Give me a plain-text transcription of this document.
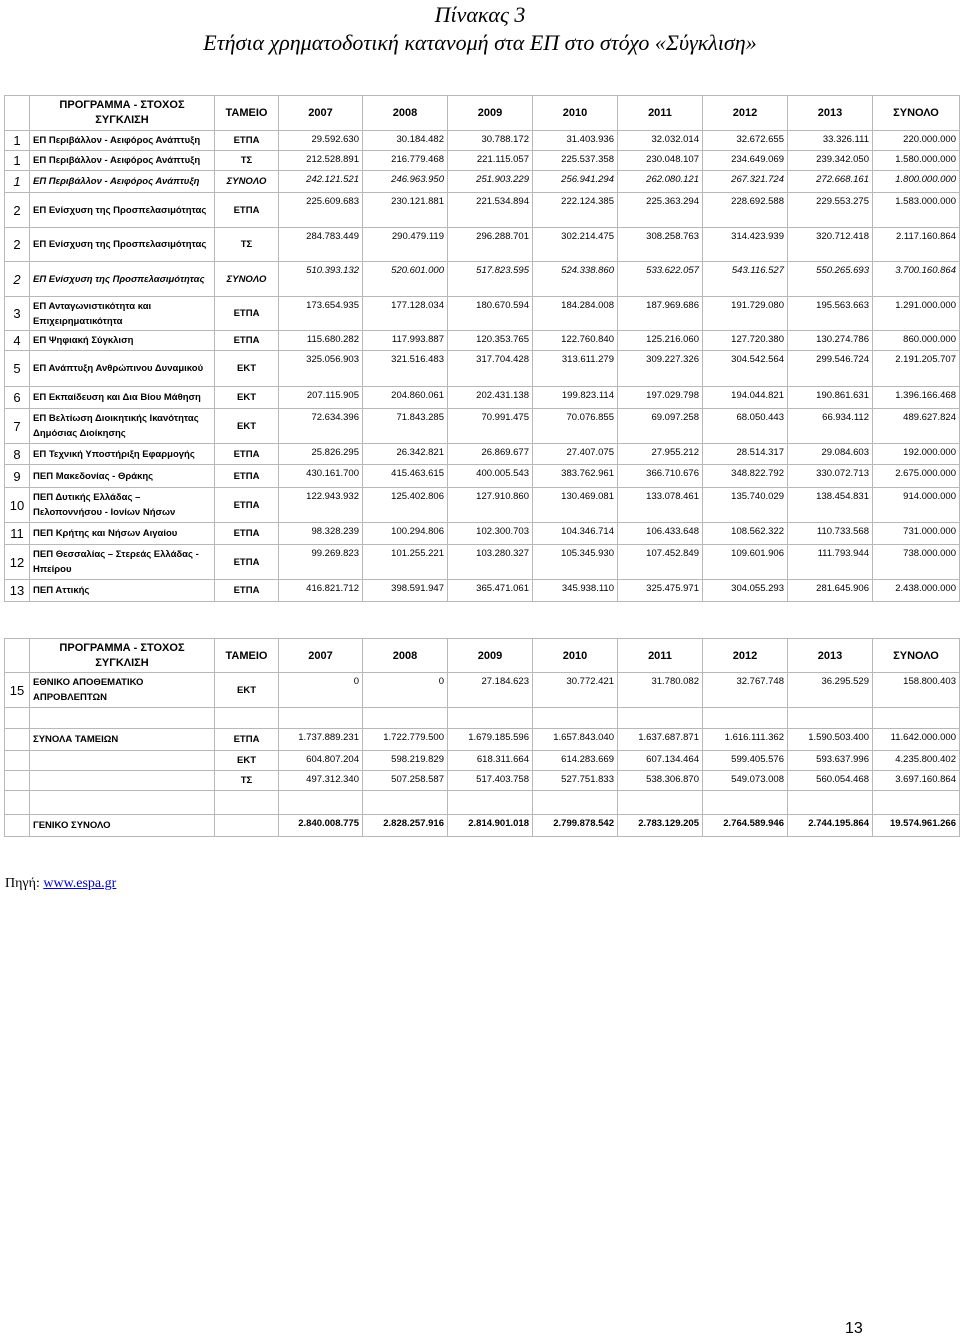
Πίνακας 3
Ετήσια χρηματοδοτική κατανομή στα ΕΠ στο στόχο «Σύγκλιση»
	ΠΡΟΓΡΑΜΜΑ - ΣΤΟΧΟΣ ΣΥΓΚΛΙΣΗ	ΤΑΜΕΙΟ	2007	2008	2009	2010	2011	2012	2013	ΣΥΝΟΛΟ
1	ΕΠ Περιβάλλον - Αειφόρος Ανάπτυξη	ΕΤΠΑ	29.592.630	30.184.482	30.788.172	31.403.936	32.032.014	32.672.655	33.326.111	220.000.000
1	ΕΠ Περιβάλλον - Αειφόρος Ανάπτυξη	ΤΣ	212.528.891	216.779.468	221.115.057	225.537.358	230.048.107	234.649.069	239.342.050	1.580.000.000
1	ΕΠ Περιβάλλον - Αειφόρος Ανάπτυξη	ΣΥΝΟΛΟ	242.121.521	246.963.950	251.903.229	256.941.294	262.080.121	267.321.724	272.668.161	1.800.000.000
2	ΕΠ Ενίσχυση της Προσπελασιμότητας	ΕΤΠΑ	225.609.683	230.121.881	221.534.894	222.124.385	225.363.294	228.692.588	229.553.275	1.583.000.000
2	ΕΠ Ενίσχυση της Προσπελασιμότητας	ΤΣ	284.783.449	290.479.119	296.288.701	302.214.475	308.258.763	314.423.939	320.712.418	2.117.160.864
2	ΕΠ Ενίσχυση της Προσπελασιμότητας	ΣΥΝΟΛΟ	510.393.132	520.601.000	517.823.595	524.338.860	533.622.057	543.116.527	550.265.693	3.700.160.864
3	ΕΠ Ανταγωνιστικότητα και Επιχειρηματικότητα	ΕΤΠΑ	173.654.935	177.128.034	180.670.594	184.284.008	187.969.686	191.729.080	195.563.663	1.291.000.000
4	ΕΠ Ψηφιακή Σύγκλιση	ΕΤΠΑ	115.680.282	117.993.887	120.353.765	122.760.840	125.216.060	127.720.380	130.274.786	860.000.000
5	ΕΠ Ανάπτυξη Ανθρώπινου Δυναμικού	ΕΚΤ	325.056.903	321.516.483	317.704.428	313.611.279	309.227.326	304.542.564	299.546.724	2.191.205.707
6	ΕΠ Εκπαίδευση και Δια Βίου Μάθηση	ΕΚΤ	207.115.905	204.860.061	202.431.138	199.823.114	197.029.798	194.044.821	190.861.631	1.396.166.468
7	ΕΠ Βελτίωση Διοικητικής Ικανότητας Δημόσιας Διοίκησης	ΕΚΤ	72.634.396	71.843.285	70.991.475	70.076.855	69.097.258	68.050.443	66.934.112	489.627.824
8	ΕΠ Τεχνική Υποστήριξη Εφαρμογής	ΕΤΠΑ	25.826.295	26.342.821	26.869.677	27.407.075	27.955.212	28.514.317	29.084.603	192.000.000
9	ΠΕΠ Μακεδονίας - Θράκης	ΕΤΠΑ	430.161.700	415.463.615	400.005.543	383.762.961	366.710.676	348.822.792	330.072.713	2.675.000.000
10	ΠΕΠ Δυτικής Ελλάδας – Πελοποννήσου - Ιονίων Νήσων	ΕΤΠΑ	122.943.932	125.402.806	127.910.860	130.469.081	133.078.461	135.740.029	138.454.831	914.000.000
11	ΠΕΠ Κρήτης και Νήσων Αιγαίου	ΕΤΠΑ	98.328.239	100.294.806	102.300.703	104.346.714	106.433.648	108.562.322	110.733.568	731.000.000
12	ΠΕΠ Θεσσαλίας – Στερεάς Ελλάδας - Ηπείρου	ΕΤΠΑ	99.269.823	101.255.221	103.280.327	105.345.930	107.452.849	109.601.906	111.793.944	738.000.000
13	ΠΕΠ Αττικής	ΕΤΠΑ	416.821.712	398.591.947	365.471.061	345.938.110	325.475.971	304.055.293	281.645.906	2.438.000.000
	ΠΡΟΓΡΑΜΜΑ - ΣΤΟΧΟΣ ΣΥΓΚΛΙΣΗ	ΤΑΜΕΙΟ	2007	2008	2009	2010	2011	2012	2013	ΣΥΝΟΛΟ
15	ΕΘΝΙΚΟ ΑΠΟΘΕΜΑΤΙΚΟ ΑΠΡΟΒΛΕΠΤΩΝ	ΕΚΤ	0	0	27.184.623	30.772.421	31.780.082	32.767.748	36.295.529	158.800.403

	ΣΥΝΟΛΑ ΤΑΜΕΙΩΝ	ΕΤΠΑ	1.737.889.231	1.722.779.500	1.679.185.596	1.657.843.040	1.637.687.871	1.616.111.362	1.590.503.400	11.642.000.000
		ΕΚΤ	604.807.204	598.219.829	618.311.664	614.283.669	607.134.464	599.405.576	593.637.996	4.235.800.402
		ΤΣ	497.312.340	507.258.587	517.403.758	527.751.833	538.306.870	549.073.008	560.054.468	3.697.160.864

	ΓΕΝΙΚΟ ΣΥΝΟΛΟ		2.840.008.775	2.828.257.916	2.814.901.018	2.799.878.542	2.783.129.205	2.764.589.946	2.744.195.864	19.574.961.266
Πηγή: www.espa.gr
13
